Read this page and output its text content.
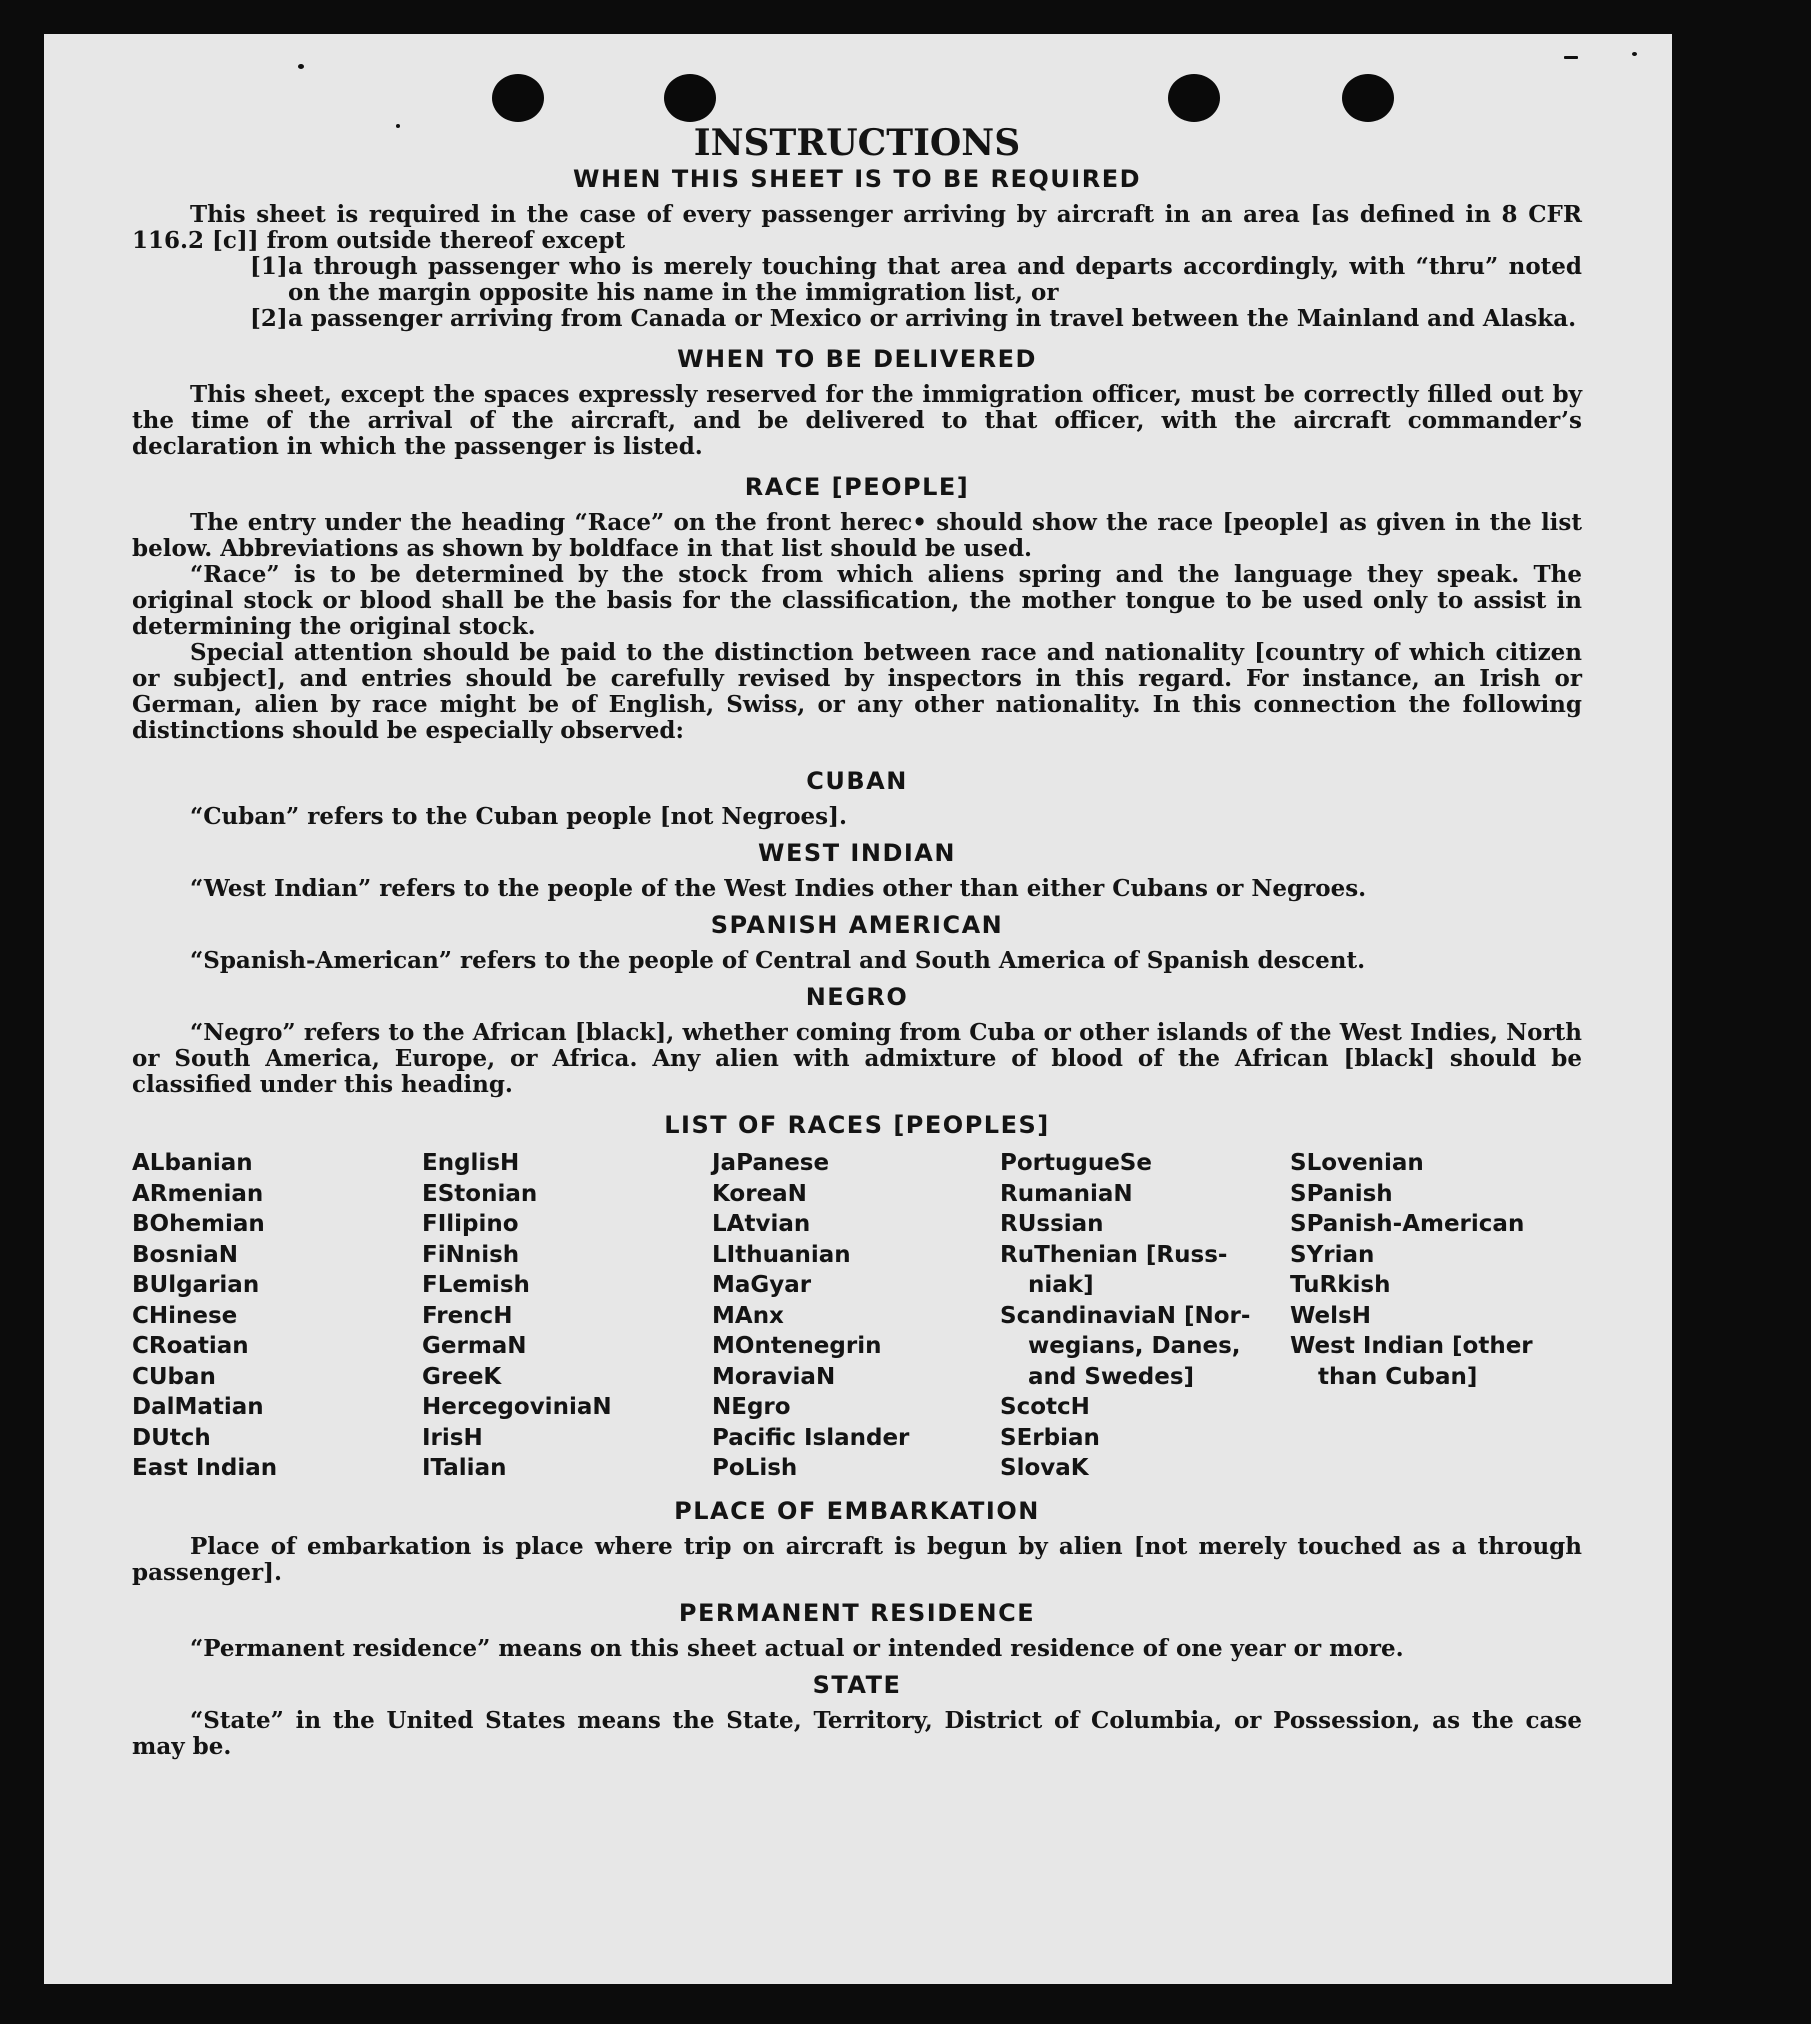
INSTRUCTIONS
WHEN THIS SHEET IS TO BE REQUIRED

This sheet is required in the case of every passenger arriving by aircraft in an area [as defined in 8 CFR 116.2 [c]] from outside thereof except

[1] a through passenger who is merely touching that area and departs accordingly, with “thru” noted on the margin opposite his name in the immigration list, or
[2] a passenger arriving from Canada or Mexico or arriving in travel between the Mainland and Alaska.
WHEN TO BE DELIVERED

This sheet, except the spaces expressly reserved for the immigration officer, must be correctly filled out by the time of the arrival of the aircraft, and be delivered to that officer, with the aircraft commander’s declaration in which the passenger is listed.

RACE [PEOPLE]

The entry under the heading “Race” on the front herec• should show the race [people] as given in the list below. Abbreviations as shown by boldface in that list should be used.

“Race” is to be determined by the stock from which aliens spring and the language they speak. The original stock or blood shall be the basis for the classification, the mother tongue to be used only to assist in determining the original stock.

Special attention should be paid to the distinction between race and nationality [country of which citizen or subject], and entries should be carefully revised by inspectors in this regard. For instance, an Irish or German, alien by race might be of English, Swiss, or any other nationality. In this connection the following distinctions should be especially observed:

CUBAN

“Cuban” refers to the Cuban people [not Negroes].

WEST INDIAN

“West Indian” refers to the people of the West Indies other than either Cubans or Negroes.

SPANISH AMERICAN

“Spanish-American” refers to the people of Central and South America of Spanish descent.

NEGRO

“Negro” refers to the African [black], whether coming from Cuba or other islands of the West Indies, North or South America, Europe, or Africa. Any alien with admixture of blood of the African [black] should be classified under this heading.

LIST OF RACES [PEOPLES]
ALbanian
ARmenian
BOhemian
BosniaN
BUlgarian
CHinese
CRoatian
CUban
DalMatian
DUtch
East Indian
EnglisH
EStonian
FIlipino
FiNnish
FLemish
FrencH
GermaN
GreeK
HercegoviniaN
IrisH
ITalian
JaPanese
KoreaN
LAtvian
LIthuanian
MaGyar
MAnx
MOntenegrin
MoraviaN
NEgro
Pacific Islander
PoLish
PortugueSe
RumaniaN
RUssian
RuThenian [Russ-
niak]
ScandinaviaN [Nor-
wegians, Danes,
and Swedes]
ScotcH
SErbian
SlovaK
SLovenian
SPanish
SPanish-American
SYrian
TuRkish
WelsH
West Indian [other
than Cuban]
PLACE OF EMBARKATION

Place of embarkation is place where trip on aircraft is begun by alien [not merely touched as a through passenger].

PERMANENT RESIDENCE

“Permanent residence” means on this sheet actual or intended residence of one year or more.

STATE

“State” in the United States means the State, Territory, District of Columbia, or Possession, as the case may be.
